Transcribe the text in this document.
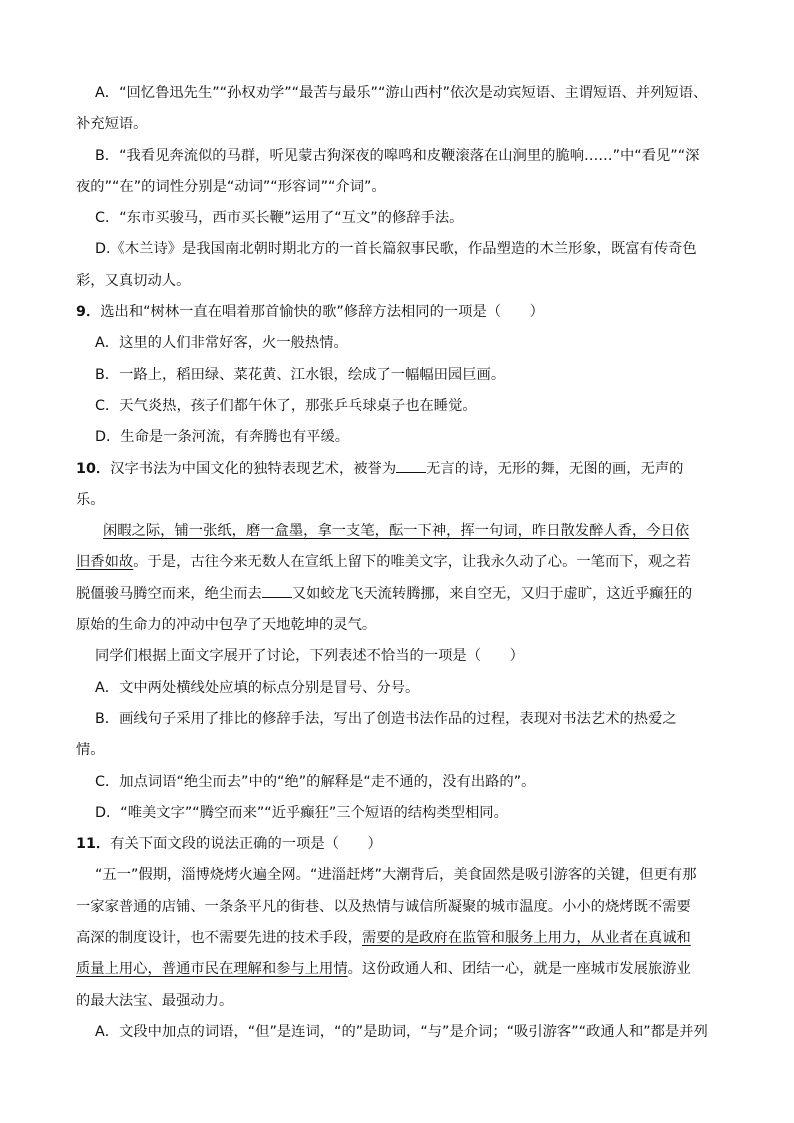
A．“回忆鲁迅先生”“孙权劝学”“最苦与最乐”“游山西村”依次是动宾短语、主谓短语、并列短语、
补充短语。
B．“我看见奔流似的马群，听见蒙古狗深夜的嗥鸣和皮鞭滚落在山涧里的脆响……”中“看见”“深
夜的”“在”的词性分别是“动词”“形容词”“介词”。
C．“东市买骏马，西市买长鞭”运用了“互文”的修辞手法。
D.《木兰诗》是我国南北朝时期北方的一首长篇叙事民歌，作品塑造的木兰形象，既富有传奇色
彩，又真切动人。
9．选出和“树林一直在唱着那首愉快的歌”修辞方法相同的一项是（　　）
A．这里的人们非常好客，火一般热情。
B．一路上，稻田绿、菜花黄、江水银，绘成了一幅幅田园巨画。
C．天气炎热，孩子们都午休了，那张乒乓球桌子也在睡觉。
D．生命是一条河流，有奔腾也有平缓。
10．汉字书法为中国文化的独特表现艺术，被誉为 无言的诗，无形的舞，无图的画，无声的
乐。
闲暇之际，铺一张纸，磨一盒墨，拿一支笔，酝一下神，挥一句词，昨日散发醉人香，今日依
旧香如故。于是，古往今来无数人在宣纸上留下的唯美文字，让我永久动了心。一笔而下，观之若
脱僵骏马腾空而来，绝尘而去 又如蛟龙飞天流转腾挪，来自空无，又归于虚旷，这近乎癫狂的
原始的生命力的冲动中包孕了天地乾坤的灵气。
同学们根据上面文字展开了讨论，下列表述不恰当的一项是（　　）
A．文中两处横线处应填的标点分别是冒号、分号。
B．画线句子采用了排比的修辞手法，写出了创造书法作品的过程，表现对书法艺术的热爱之
情。
C．加点词语“绝尘而去”中的“绝”的解释是“走不通的，没有出路的”。
D．“唯美文字”“腾空而来”“近乎癫狂”三个短语的结构类型相同。
11．有关下面文段的说法正确的一项是（　　）
“五一”假期，淄博烧烤火遍全网。“进淄赶烤”大潮背后，美食固然是吸引游客的关键，但更有那
一家家普通的店铺、一条条平凡的街巷、以及热情与诚信所凝聚的城市温度。小小的烧烤既不需要
高深的制度设计，也不需要先进的技术手段，需要的是政府在监管和服务上用力，从业者在真诚和
质量上用心，普通市民在理解和参与上用情。这份政通人和、团结一心，就是一座城市发展旅游业
的最大法宝、最强动力。
A．文段中加点的词语，“但”是连词，“的”是助词，“与”是介词；“吸引游客”“政通人和”都是并列
